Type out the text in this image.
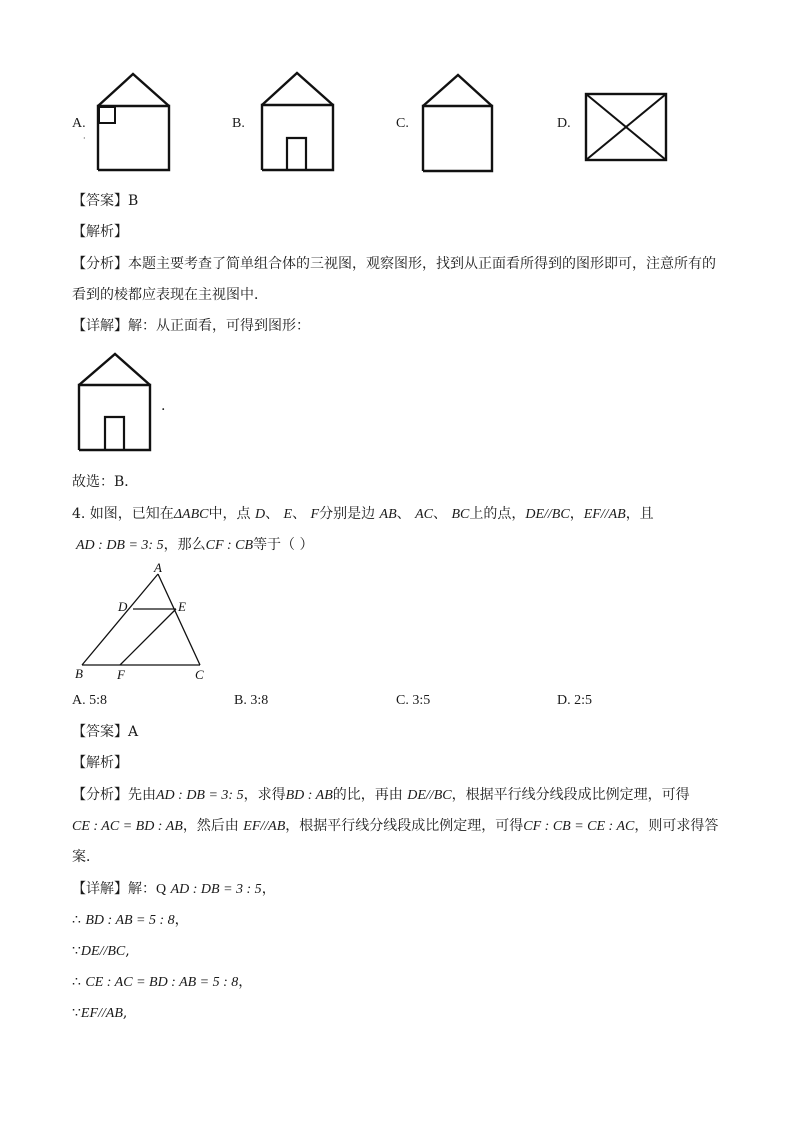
A.
·
B.	C.	D.
【答案】B
【解析】
【分析】本题主要考查了简单组合体的三视图，观察图形，找到从正面看所得到的图形即可，注意所有的
看到的棱都应表现在主视图中．
【详解】解：从正面看，可得到图形：
.
故选：B．
4. 如图，已知在ΔABC中，点 D、 E、 F分别是边 AB、 AC、 BC上的点，DE//BC，EF//AB，且
AD : DB = 3: 5，那么CF : CB等于（ ）
A
B	C
D	E
F
A. 5:8	B. 3:8	C. 3:5	D. 2:5
【答案】A
【解析】
【分析】先由AD : DB = 3: 5，求得BD : AB的比，再由 DE//BC，根据平行线分线段成比例定理，可得
CE : AC = BD : AB，然后由 EF//AB，根据平行线分线段成比例定理，可得CF : CB = CE : AC，则可求得答
案．
【详解】解：Q AD : DB = 3 : 5，
∴ BD : AB = 5 : 8，
∵DE//BC,
∴ CE : AC = BD : AB = 5 : 8，
∵EF//AB,
